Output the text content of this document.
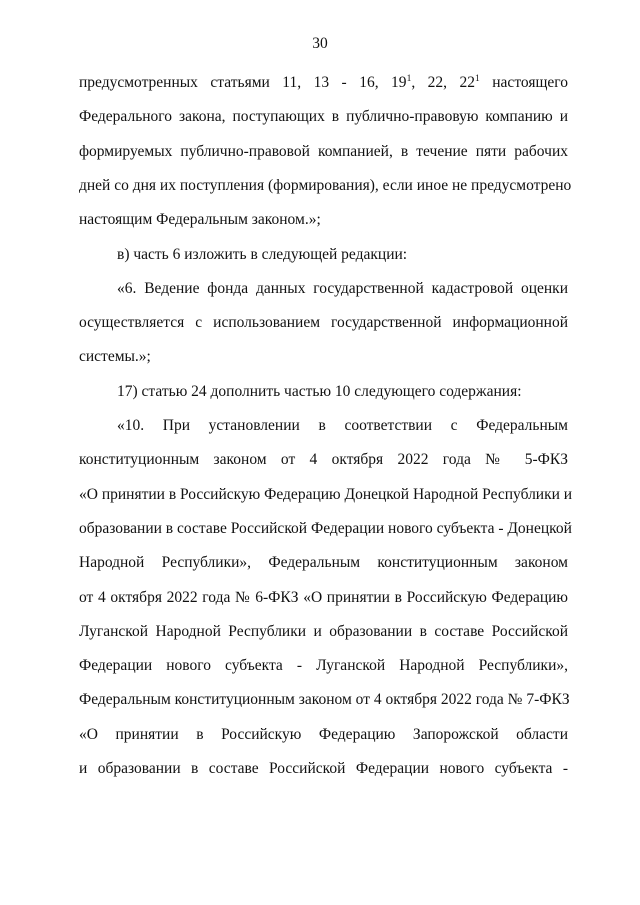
30
предусмотренных статьями 11, 13 - 16, $19^1$, 22, $22^1$ настоящего
Федерального закона, поступающих в публично-правовую компанию и
формируемых публично-правовой компанией, в течение пяти рабочих
дней со дня их поступления (формирования), если иное не предусмотрено
настоящим Федеральным законом.»;
в) часть 6 изложить в следующей редакции:
«6. Ведение фонда данных государственной кадастровой оценки
осуществляется с использованием государственной информационной
системы.»;
17) статью 24 дополнить частью 10 следующего содержания:
«10. При установлении в соответствии с Федеральным
конституционным законом от 4 октября 2022 года № 5-ФКЗ
«О принятии в Российскую Федерацию Донецкой Народной Республики и
образовании в составе Российской Федерации нового субъекта - Донецкой
Народной Республики», Федеральным конституционным законом
от 4 октября 2022 года № 6-ФКЗ «О принятии в Российскую Федерацию
Луганской Народной Республики и образовании в составе Российской
Федерации нового субъекта - Луганской Народной Республики»,
Федеральным конституционным законом от 4 октября 2022 года № 7-ФКЗ
«О принятии в Российскую Федерацию Запорожской области
и образовании в составе Российской Федерации нового субъекта -
